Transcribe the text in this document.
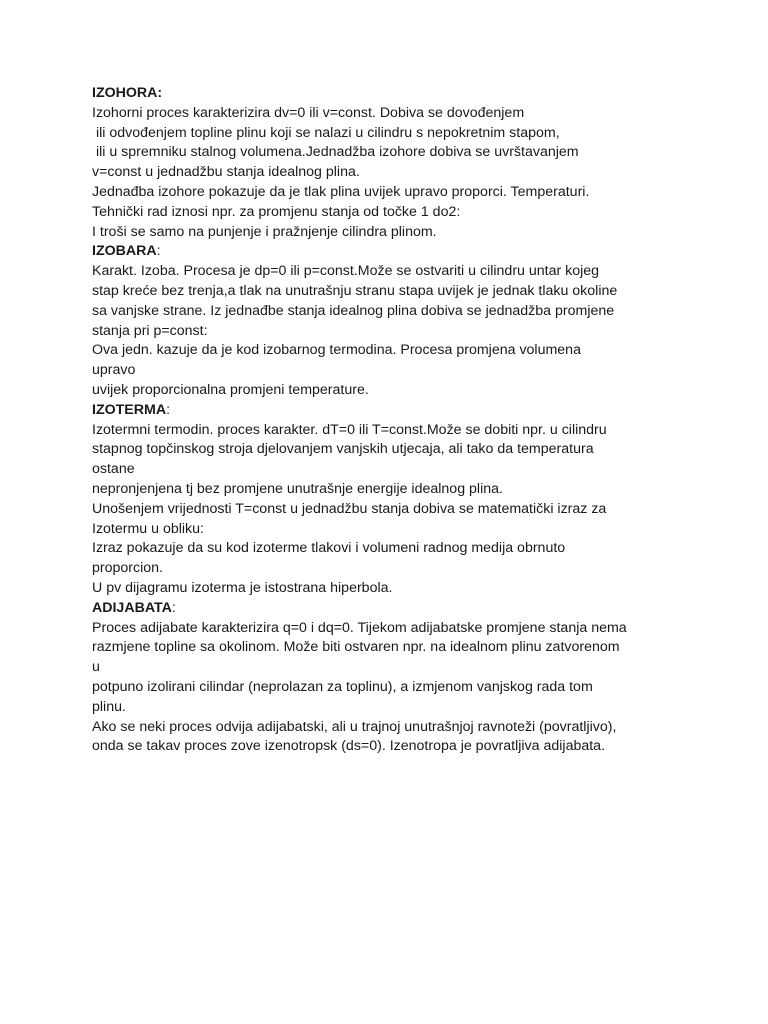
IZOHORA:
Izohorni proces karakterizira dv=0 ili v=const. Dobiva se dovođenjem
ili odvođenjem topline plinu koji se nalazi u cilindru s nepokretnim stapom,
ili u spremniku stalnog volumena.Jednadžba izohore dobiva se uvrštavanjem
v=const u jednadžbu stanja idealnog plina.
Jednađba izohore pokazuje da je tlak plina uvijek upravo proporci. Temperaturi.
Tehnički rad iznosi npr. za promjenu stanja od točke 1 do2:
I troši se samo na punjenje i pražnjenje cilindra plinom.
IZOBARA:
Karakt. Izoba. Procesa je dp=0 ili p=const.Može se ostvariti u cilindru untar kojeg
stap kreće bez trenja,a tlak na unutrašnju stranu stapa uvijek je jednak tlaku okoline
sa vanjske strane. Iz jednađbe stanja idealnog plina dobiva se jednadžba promjene
stanja pri p=const:
Ova jedn. kazuje da je kod izobarnog termodina. Procesa promjena volumena
upravo
uvijek proporcionalna promjeni temperature.
IZOTERMA:
Izotermni termodin. proces karakter. dT=0 ili T=const.Može se dobiti npr. u cilindru
stapnog topčinskog stroja djelovanjem vanjskih utjecaja, ali tako da temperatura
ostane
nepronjenjena tj bez promjene unutrašnje energije idealnog plina.
Unošenjem vrijednosti T=const u jednadžbu stanja dobiva se matematički izraz za
Izotermu u obliku:
Izraz pokazuje da su kod izoterme tlakovi i volumeni radnog medija obrnuto
proporcion.
U pv dijagramu izoterma je istostrana hiperbola.
ADIJABATA:
Proces adijabate karakterizira q=0 i dq=0. Tijekom adijabatske promjene stanja nema
razmjene topline sa okolinom. Može biti ostvaren npr. na idealnom plinu zatvorenom
u
potpuno izolirani cilindar (neprolazan za toplinu), a izmjenom vanjskog rada tom
plinu.
Ako se neki proces odvija adijabatski, ali u trajnoj unutrašnjoj ravnoteži (povratljivo),
onda se takav proces zove izenotropsk (ds=0). Izenotropa je povratljiva adijabata.
